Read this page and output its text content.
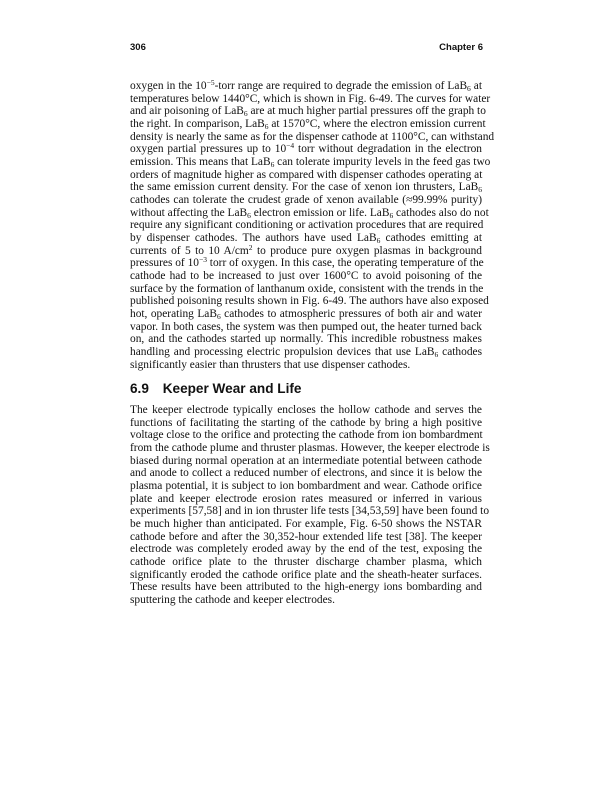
306	Chapter 6
oxygen in the $10^{-5}$-torr range are required to degrade the emission of LaB$_6$ at
temperatures below 1440°C, which is shown in Fig. 6-49. The curves for water
and air poisoning of LaB$_6$ are at much higher partial pressures off the graph to
the right. In comparison, LaB$_6$ at 1570°C, where the electron emission current
density is nearly the same as for the dispenser cathode at 1100°C, can withstand
oxygen partial pressures up to $10^{-4}$ torr without degradation in the electron
emission. This means that LaB$_6$ can tolerate impurity levels in the feed gas two
orders of magnitude higher as compared with dispenser cathodes operating at
the same emission current density. For the case of xenon ion thrusters, LaB$_6$
cathodes can tolerate the crudest grade of xenon available (≈99.99% purity)
without affecting the LaB$_6$ electron emission or life. LaB$_6$ cathodes also do not
require any significant conditioning or activation procedures that are required
by dispenser cathodes. The authors have used LaB$_6$ cathodes emitting at
currents of 5 to 10 $A/cm^2$ to produce pure oxygen plasmas in background
pressures of $10^{-3}$ torr of oxygen. In this case, the operating temperature of the
cathode had to be increased to just over 1600°C to avoid poisoning of the
surface by the formation of lanthanum oxide, consistent with the trends in the
published poisoning results shown in Fig. 6-49. The authors have also exposed
hot, operating LaB$_6$ cathodes to atmospheric pressures of both air and water
vapor. In both cases, the system was then pumped out, the heater turned back
on, and the cathodes started up normally. This incredible robustness makes
handling and processing electric propulsion devices that use LaB$_6$ cathodes
significantly easier than thrusters that use dispenser cathodes.
6.9 Keeper Wear and Life
The keeper electrode typically encloses the hollow cathode and serves the
functions of facilitating the starting of the cathode by bring a high positive
voltage close to the orifice and protecting the cathode from ion bombardment
from the cathode plume and thruster plasmas. However, the keeper electrode is
biased during normal operation at an intermediate potential between cathode
and anode to collect a reduced number of electrons, and since it is below the
plasma potential, it is subject to ion bombardment and wear. Cathode orifice
plate and keeper electrode erosion rates measured or inferred in various
experiments [57,58] and in ion thruster life tests [34,53,59] have been found to
be much higher than anticipated. For example, Fig. 6-50 shows the NSTAR
cathode before and after the 30,352-hour extended life test [38]. The keeper
electrode was completely eroded away by the end of the test, exposing the
cathode orifice plate to the thruster discharge chamber plasma, which
significantly eroded the cathode orifice plate and the sheath-heater surfaces.
These results have been attributed to the high-energy ions bombarding and
sputtering the cathode and keeper electrodes.
